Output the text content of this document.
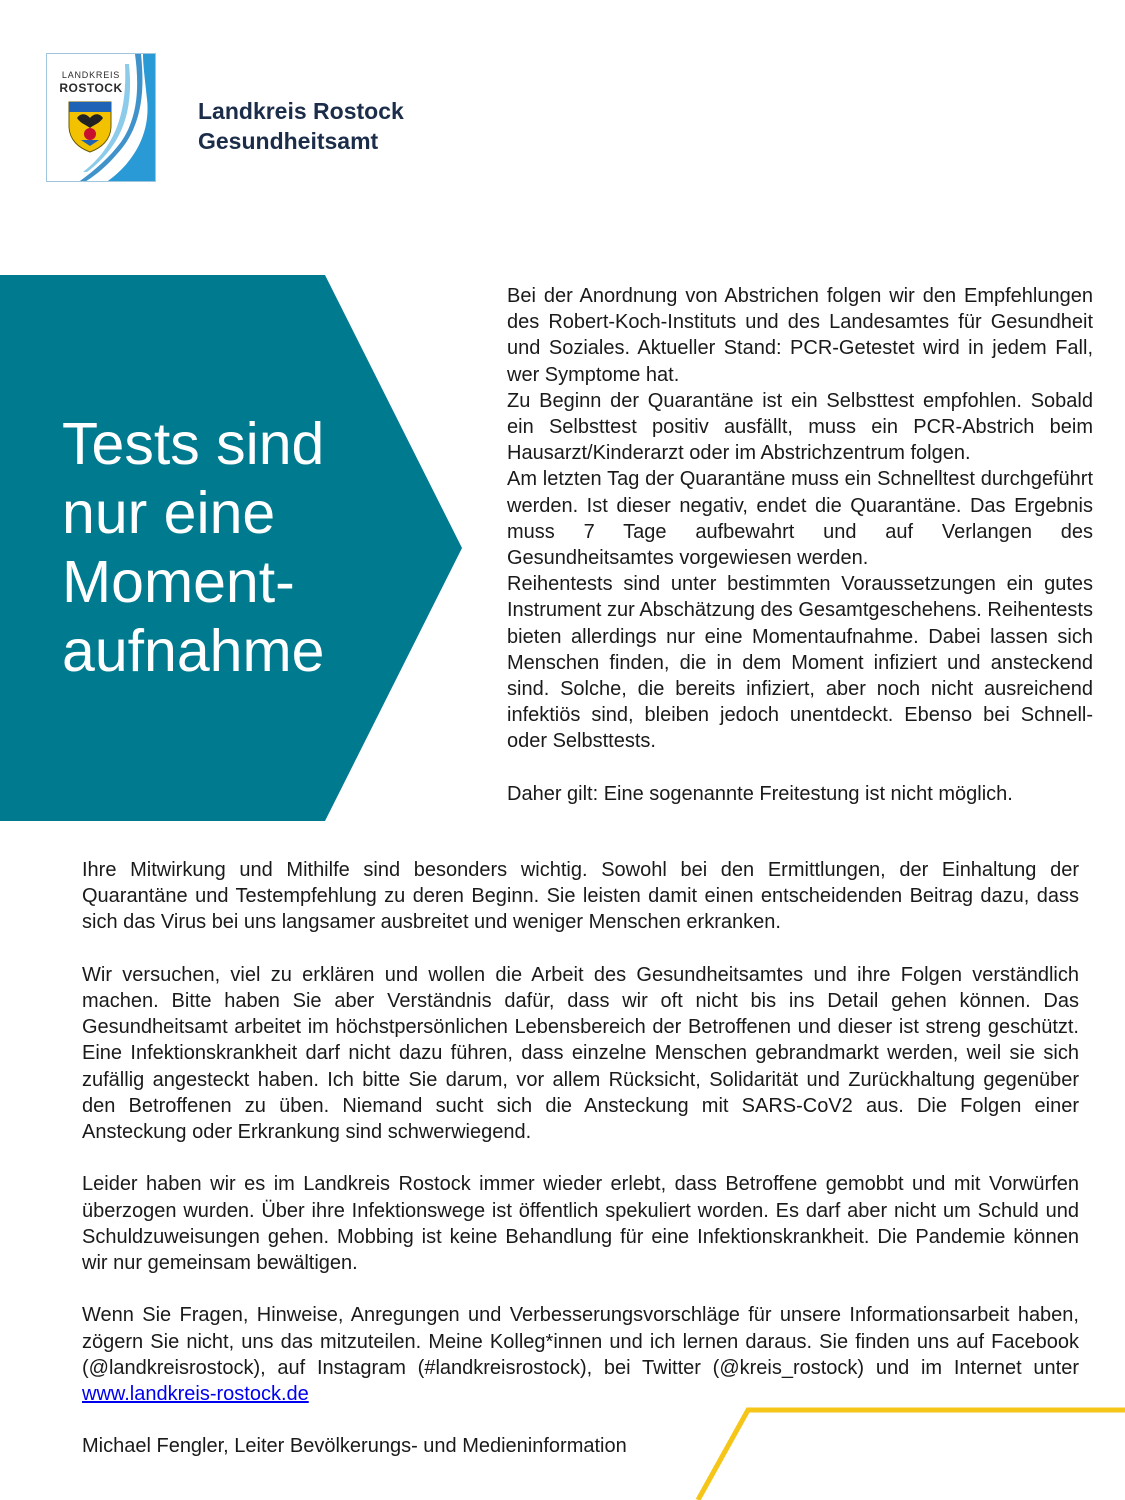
LANDKREIS
ROSTOCK
Landkreis Rostock
Gesundheitsamt
Tests sind
nur eine
Moment-
aufnahme

Bei der Anordnung von Abstrichen folgen wir den Empfehlungen des Robert-Koch-Instituts und des Landesamtes für Gesundheit und Soziales. Aktueller Stand: PCR-Getestet wird in jedem Fall, wer Symptome hat.

Zu Beginn der Quarantäne ist ein Selbsttest empfohlen. Sobald ein Selbsttest positiv ausfällt, muss ein PCR-Abstrich beim Hausarzt/Kinderarzt oder im Abstrichzentrum folgen.

Am letzten Tag der Quarantäne muss ein Schnelltest durchgeführt werden. Ist dieser negativ, endet die Quarantäne. Das Ergebnis muss 7 Tage aufbewahrt und auf Verlangen des Gesundheitsamtes vorgewiesen werden.

Reihentests sind unter bestimmten Voraussetzungen ein gutes Instrument zur Abschätzung des Gesamtgeschehens. Reihentests bieten allerdings nur eine Momentaufnahme. Dabei lassen sich Menschen finden, die in dem Moment infiziert und ansteckend sind. Solche, die bereits infiziert, aber noch nicht ausreichend infektiös sind, bleiben jedoch unentdeckt. Ebenso bei Schnell- oder Selbsttests.

Daher gilt: Eine sogenannte Freitestung ist nicht möglich.

Ihre Mitwirkung und Mithilfe sind besonders wichtig. Sowohl bei den Ermittlungen, der Einhaltung der Quarantäne und Testempfehlung zu deren Beginn. Sie leisten damit einen entscheidenden Beitrag dazu, dass sich das Virus bei uns langsamer ausbreitet und weniger Menschen erkranken.

Wir versuchen, viel zu erklären und wollen die Arbeit des Gesundheitsamtes und ihre Folgen verständlich machen. Bitte haben Sie aber Verständnis dafür, dass wir oft nicht bis ins Detail gehen können. Das Gesundheitsamt arbeitet im höchstpersönlichen Lebensbereich der Betroffenen und dieser ist streng geschützt. Eine Infektionskrankheit darf nicht dazu führen, dass einzelne Menschen gebrandmarkt werden, weil sie sich zufällig angesteckt haben. Ich bitte Sie darum, vor allem Rücksicht, Solidarität und Zurückhaltung gegenüber den Betroffenen zu üben. Niemand sucht sich die Ansteckung mit SARS-CoV2 aus. Die Folgen einer Ansteckung oder Erkrankung sind schwerwiegend.

Leider haben wir es im Landkreis Rostock immer wieder erlebt, dass Betroffene gemobbt und mit Vorwürfen überzogen wurden. Über ihre Infektionswege ist öffentlich spekuliert worden. Es darf aber nicht um Schuld und Schuldzuweisungen gehen. Mobbing ist keine Behandlung für eine Infektionskrankheit. Die Pandemie können wir nur gemeinsam bewältigen.

Wenn Sie Fragen, Hinweise, Anregungen und Verbesserungsvorschläge für unsere Informationsarbeit haben, zögern Sie nicht, uns das mitzuteilen. Meine Kolleg*innen und ich lernen daraus. Sie finden uns auf Facebook (@landkreisrostock), auf Instagram (#landkreisrostock), bei Twitter (@kreis_rostock) und im Internet unter www.landkreis-rostock.de

Michael Fengler, Leiter Bevölkerungs- und Medieninformation
